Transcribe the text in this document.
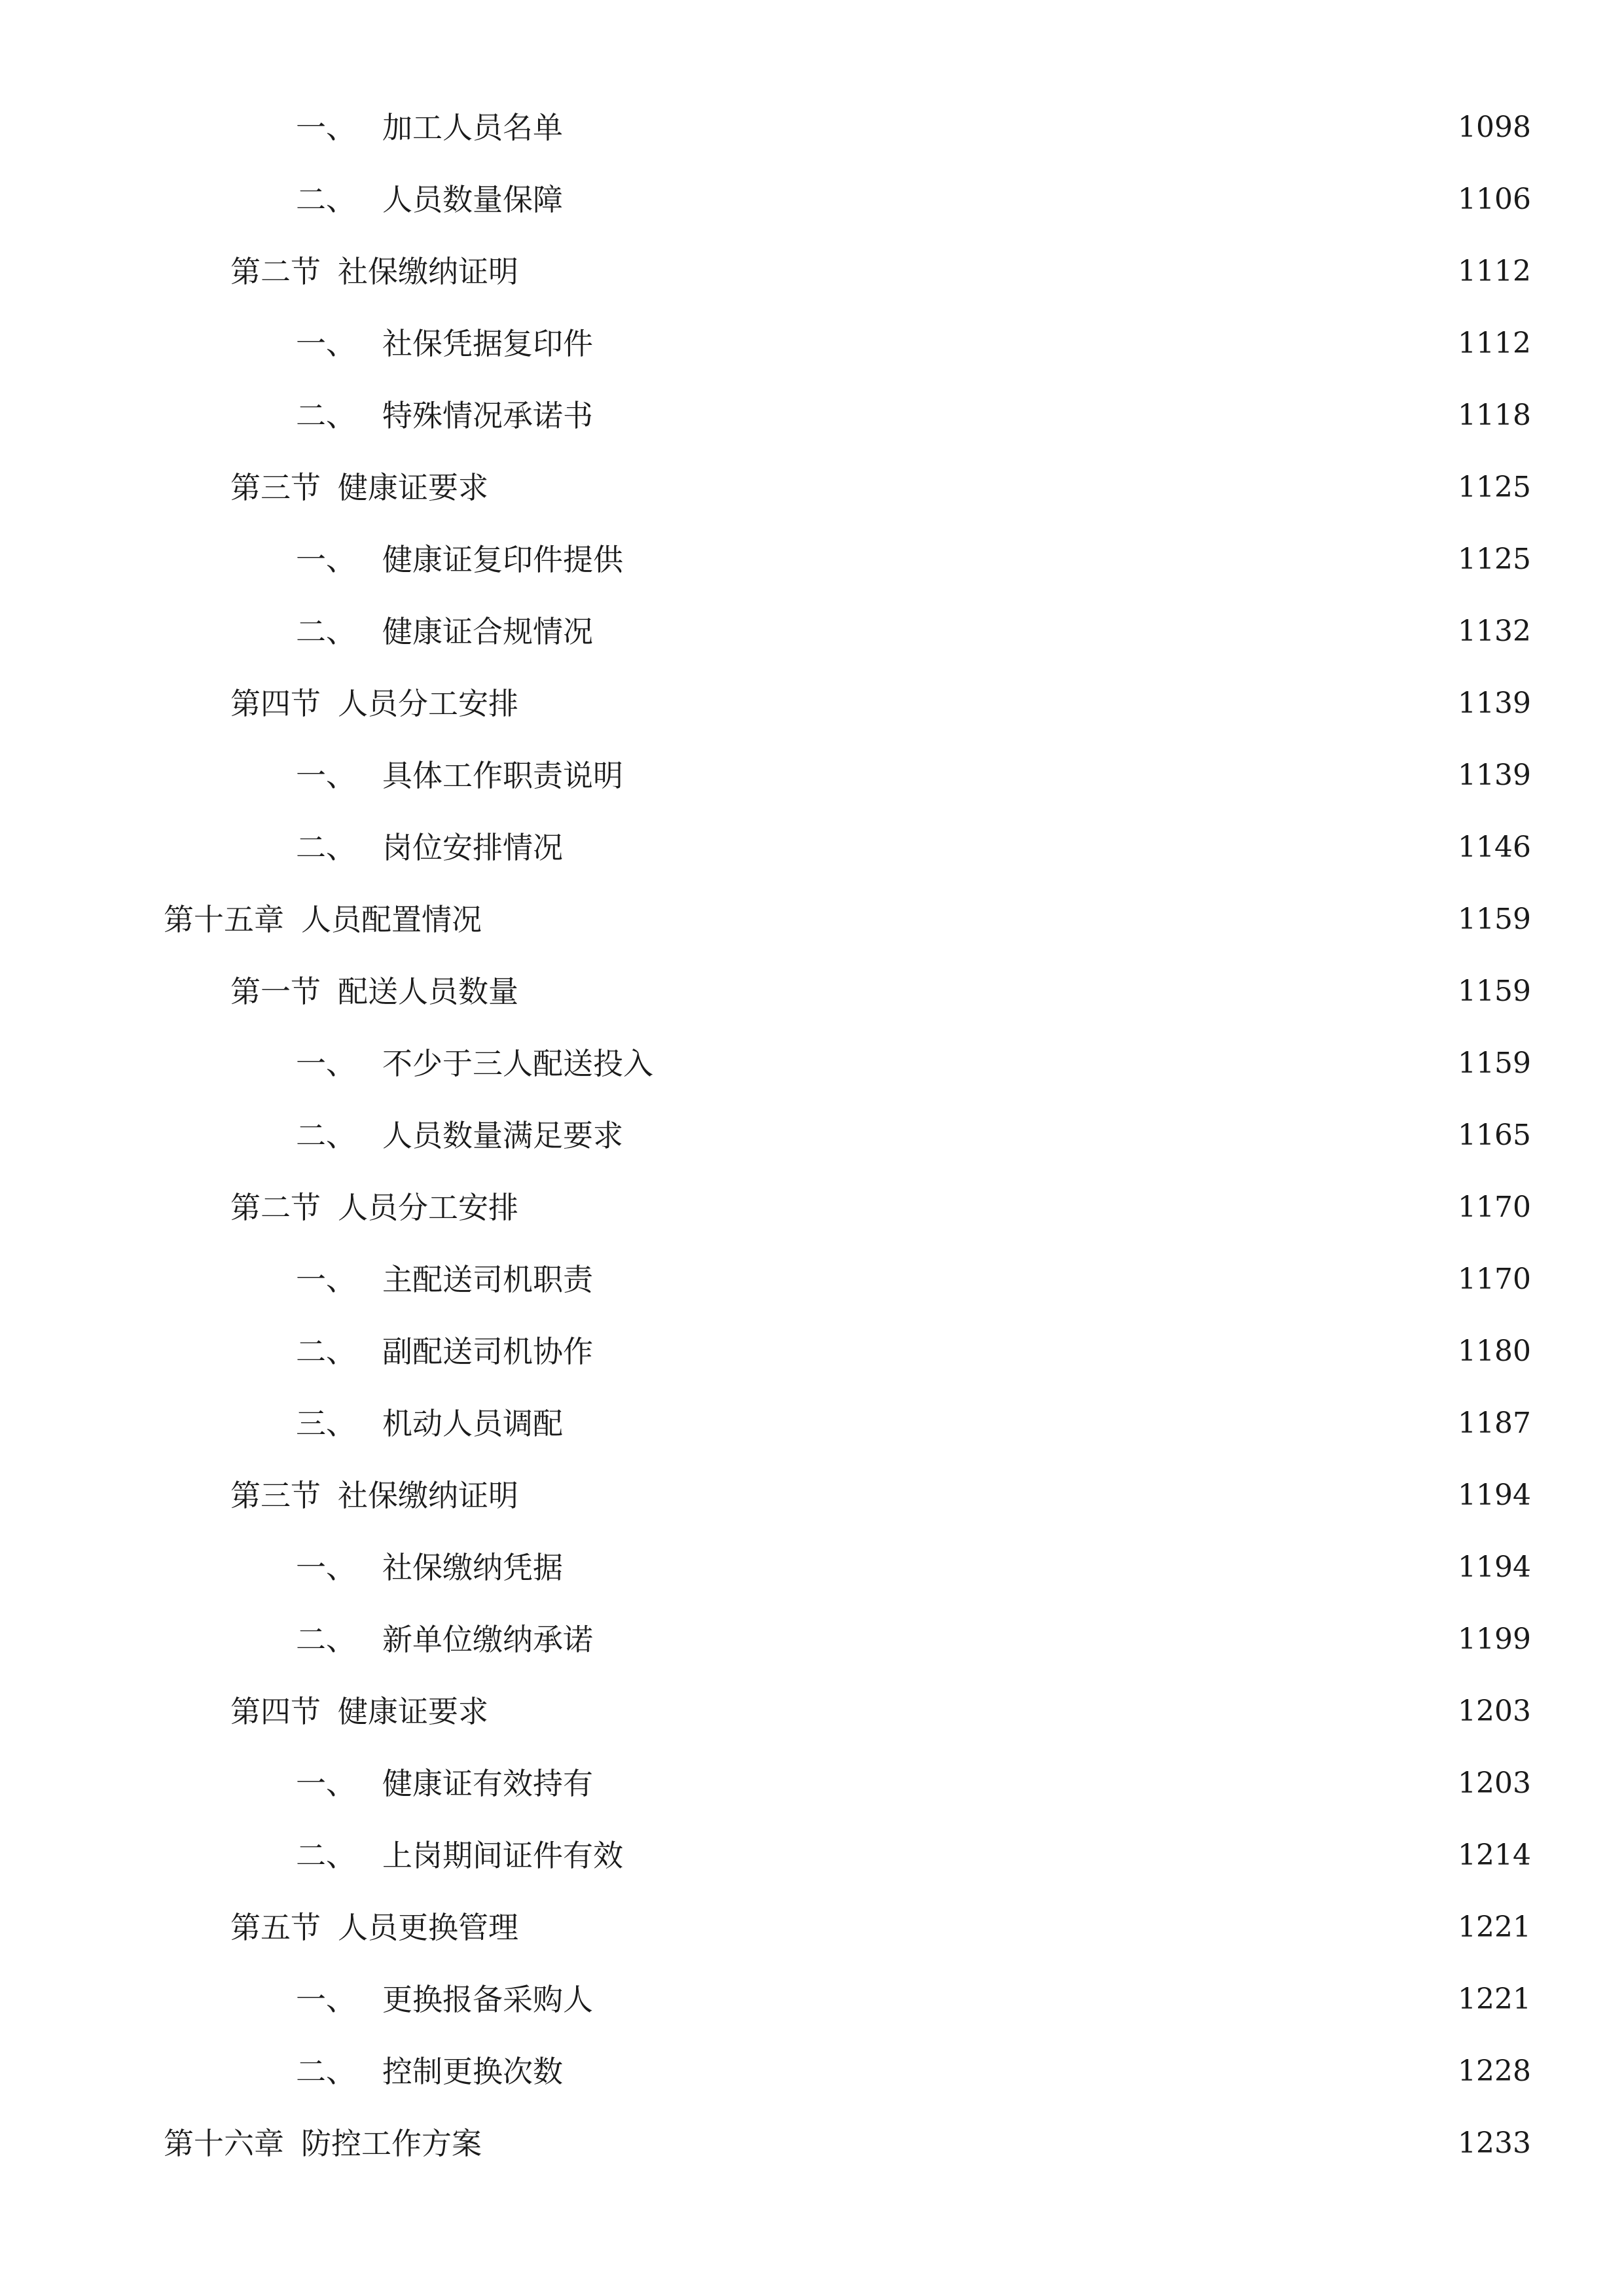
一、 加工人员名单	1098
二、 人员数量保障	1106
第二节 社保缴纳证明	1112
一、 社保凭据复印件	1112
二、 特殊情况承诺书	1118
第三节 健康证要求	1125
一、 健康证复印件提供	1125
二、 健康证合规情况	1132
第四节 人员分工安排	1139
一、 具体工作职责说明	1139
二、 岗位安排情况	1146
第十五章 人员配置情况	1159
第一节 配送人员数量	1159
一、 不少于三人配送投入	1159
二、 人员数量满足要求	1165
第二节 人员分工安排	1170
一、 主配送司机职责	1170
二、 副配送司机协作	1180
三、 机动人员调配	1187
第三节 社保缴纳证明	1194
一、 社保缴纳凭据	1194
二、 新单位缴纳承诺	1199
第四节 健康证要求	1203
一、 健康证有效持有	1203
二、 上岗期间证件有效	1214
第五节 人员更换管理	1221
一、 更换报备采购人	1221
二、 控制更换次数	1228
第十六章 防控工作方案	1233
